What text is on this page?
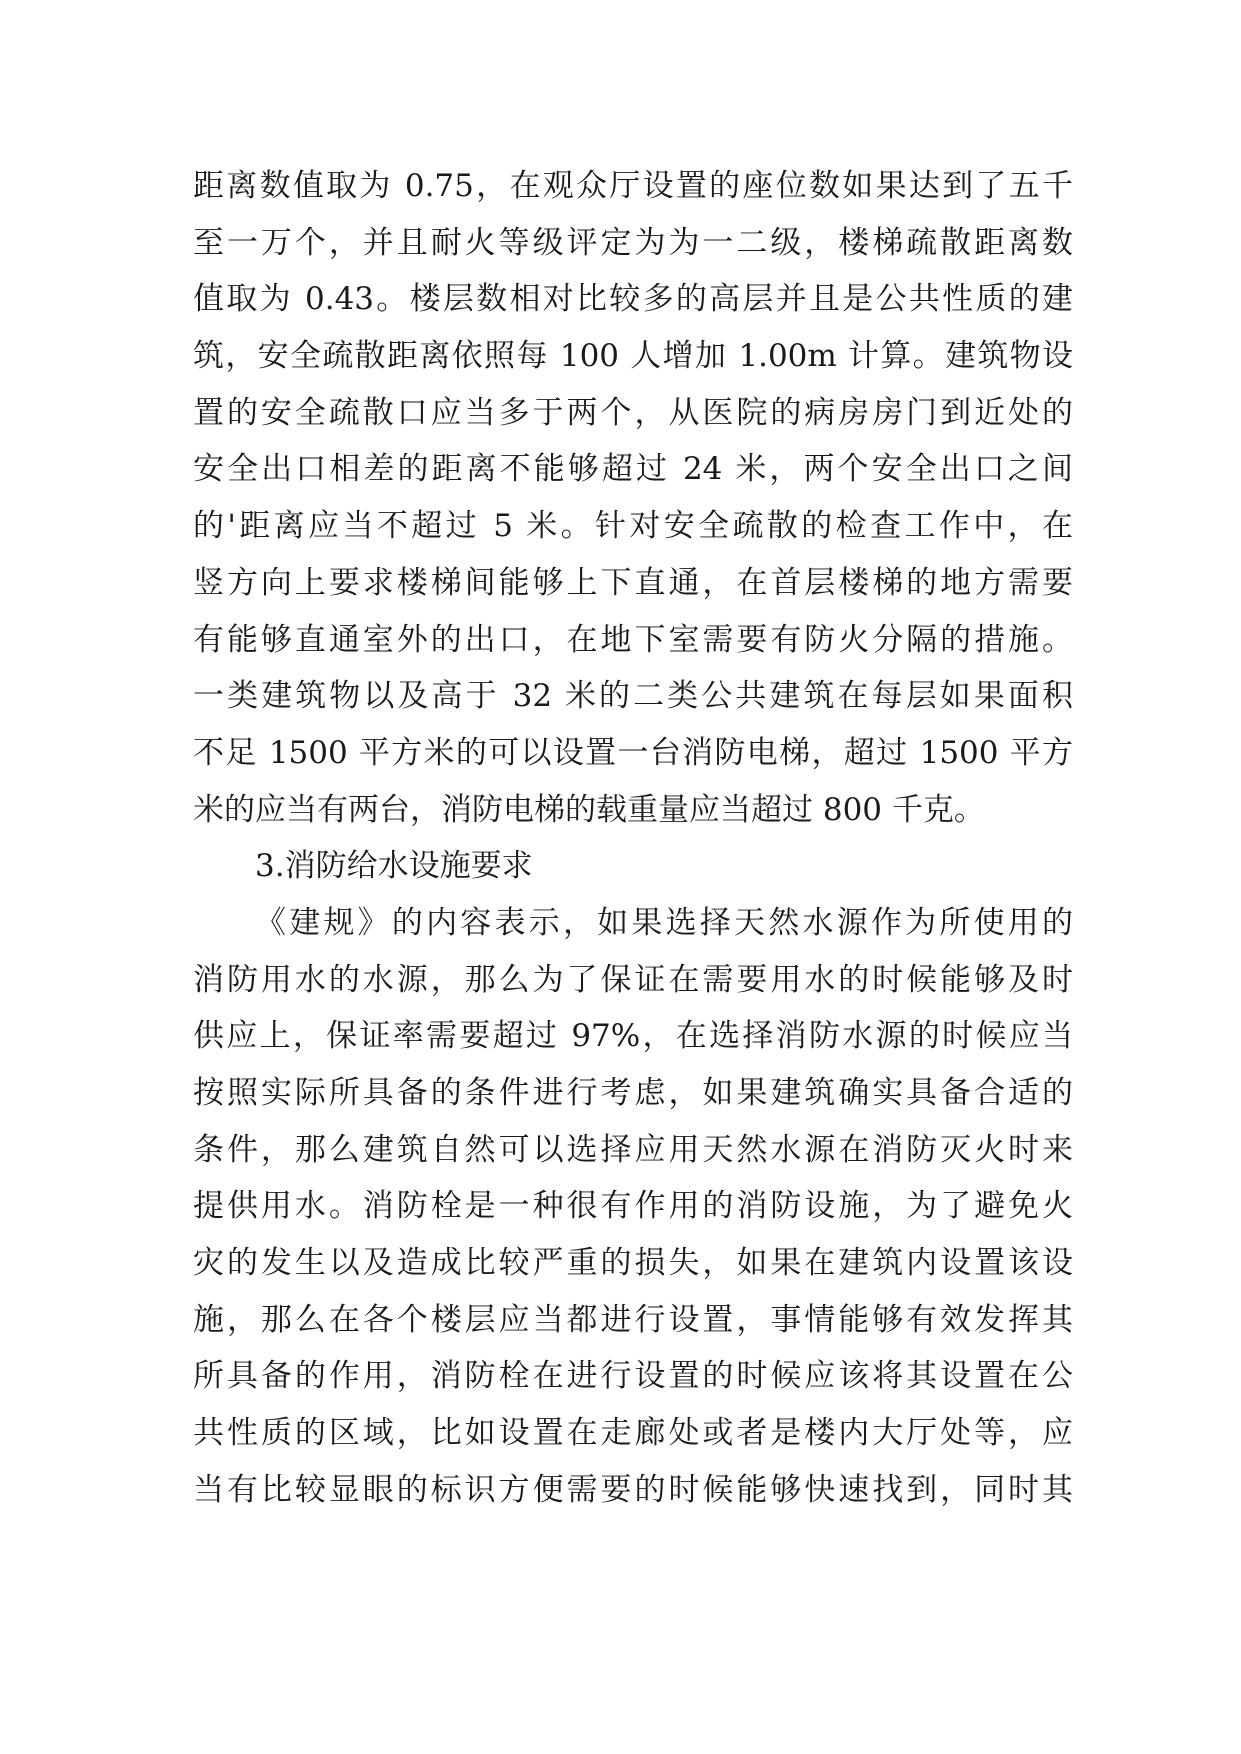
距离数值取为 0.75，在观众厅设置的座位数如果达到了五千
至一万个，并且耐火等级评定为为一二级，楼梯疏散距离数
值取为 0.43。楼层数相对比较多的高层并且是公共性质的建
筑，安全疏散距离依照每 100 人增加 1.00m 计算。建筑物设
置的安全疏散口应当多于两个，从医院的病房房门到近处的
安全出口相差的距离不能够超过 24 米，两个安全出口之间
的'距离应当不超过 5 米。针对安全疏散的检查工作中，在
竖方向上要求楼梯间能够上下直通，在首层楼梯的地方需要
有能够直通室外的出口，在地下室需要有防火分隔的措施。
一类建筑物以及高于 32 米的二类公共建筑在每层如果面积
不足 1500 平方米的可以设置一台消防电梯，超过 1500 平方
米的应当有两台，消防电梯的载重量应当超过 800 千克。
3.消防给水设施要求
《建规》的内容表示，如果选择天然水源作为所使用的
消防用水的水源，那么为了保证在需要用水的时候能够及时
供应上，保证率需要超过 97%，在选择消防水源的时候应当
按照实际所具备的条件进行考虑，如果建筑确实具备合适的
条件，那么建筑自然可以选择应用天然水源在消防灭火时来
提供用水。消防栓是一种很有作用的消防设施，为了避免火
灾的发生以及造成比较严重的损失，如果在建筑内设置该设
施，那么在各个楼层应当都进行设置，事情能够有效发挥其
所具备的作用，消防栓在进行设置的时候应该将其设置在公
共性质的区域，比如设置在走廊处或者是楼内大厅处等，应
当有比较显眼的标识方便需要的时候能够快速找到，同时其
